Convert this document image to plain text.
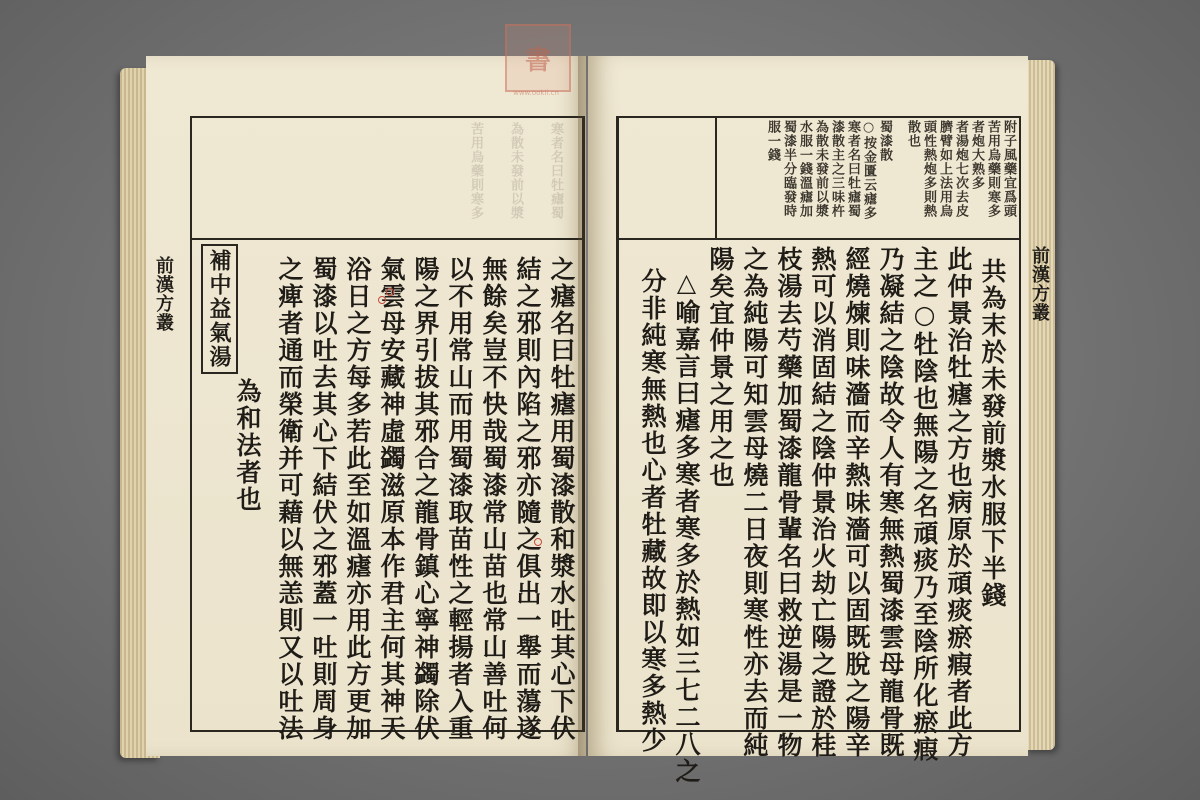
前漢方叢
寒者名曰牡瘧蜀
為散未發前以漿
苦用烏藥則寒多
之瘧名曰牡瘧用蜀漆散和漿水吐其心下伏
結之邪則內陷之邪亦隨之俱出一舉而蕩遂
無餘矣豈不快哉蜀漆常山苗也常山善吐何
以不用常山而用蜀漆取苗性之輕揚者入重
陽之界引拔其邪合之龍骨鎮心寧神蠲除伏
氣雲母安藏神虛蠲滋原本作君主何其神天
浴日之方每多若此至如溫瘧亦用此方更加
蜀漆以吐去其心下結伏之邪蓋一吐則周身
之痺者通而榮衛并可藉以無恙則又以吐法
為和法者也
補中益氣湯	前漢方叢
附子風藥宜爲頭
苦用烏藥則寒多
者炮大熟多
者湯炮七次去皮
臍臂如上法用烏
頭性熱炮多則熱
散也
蜀漆散
○按金匱云瘧多
寒者名曰牡瘧蜀
漆散主之三味杵
為散未發前以漿
水服一錢溫瘧加
蜀漆半分臨發時
服一錢
共為末於未發前漿水服下半錢
此仲景治牡瘧之方也病原於頑痰瘀瘕者此方
主之○牡陰也無陽之名頑痰乃至陰所化瘀瘕
乃凝結之陰故令人有寒無熱蜀漆雲母龍骨既
經燒煉則味濇而辛熱味濇可以固既脫之陽辛
熱可以消固結之陰仲景治火劫亡陽之證於桂
枝湯去芍藥加蜀漆龍骨輩名曰救逆湯是一物
之為純陽可知雲母燒二日夜則寒性亦去而純
陽矣宜仲景之用之也
△喻嘉言曰瘧多寒者寒多於熱如三七二八之
分非純寒無熱也心者牡藏故即以寒多熱少
書
www.ookii.cn
